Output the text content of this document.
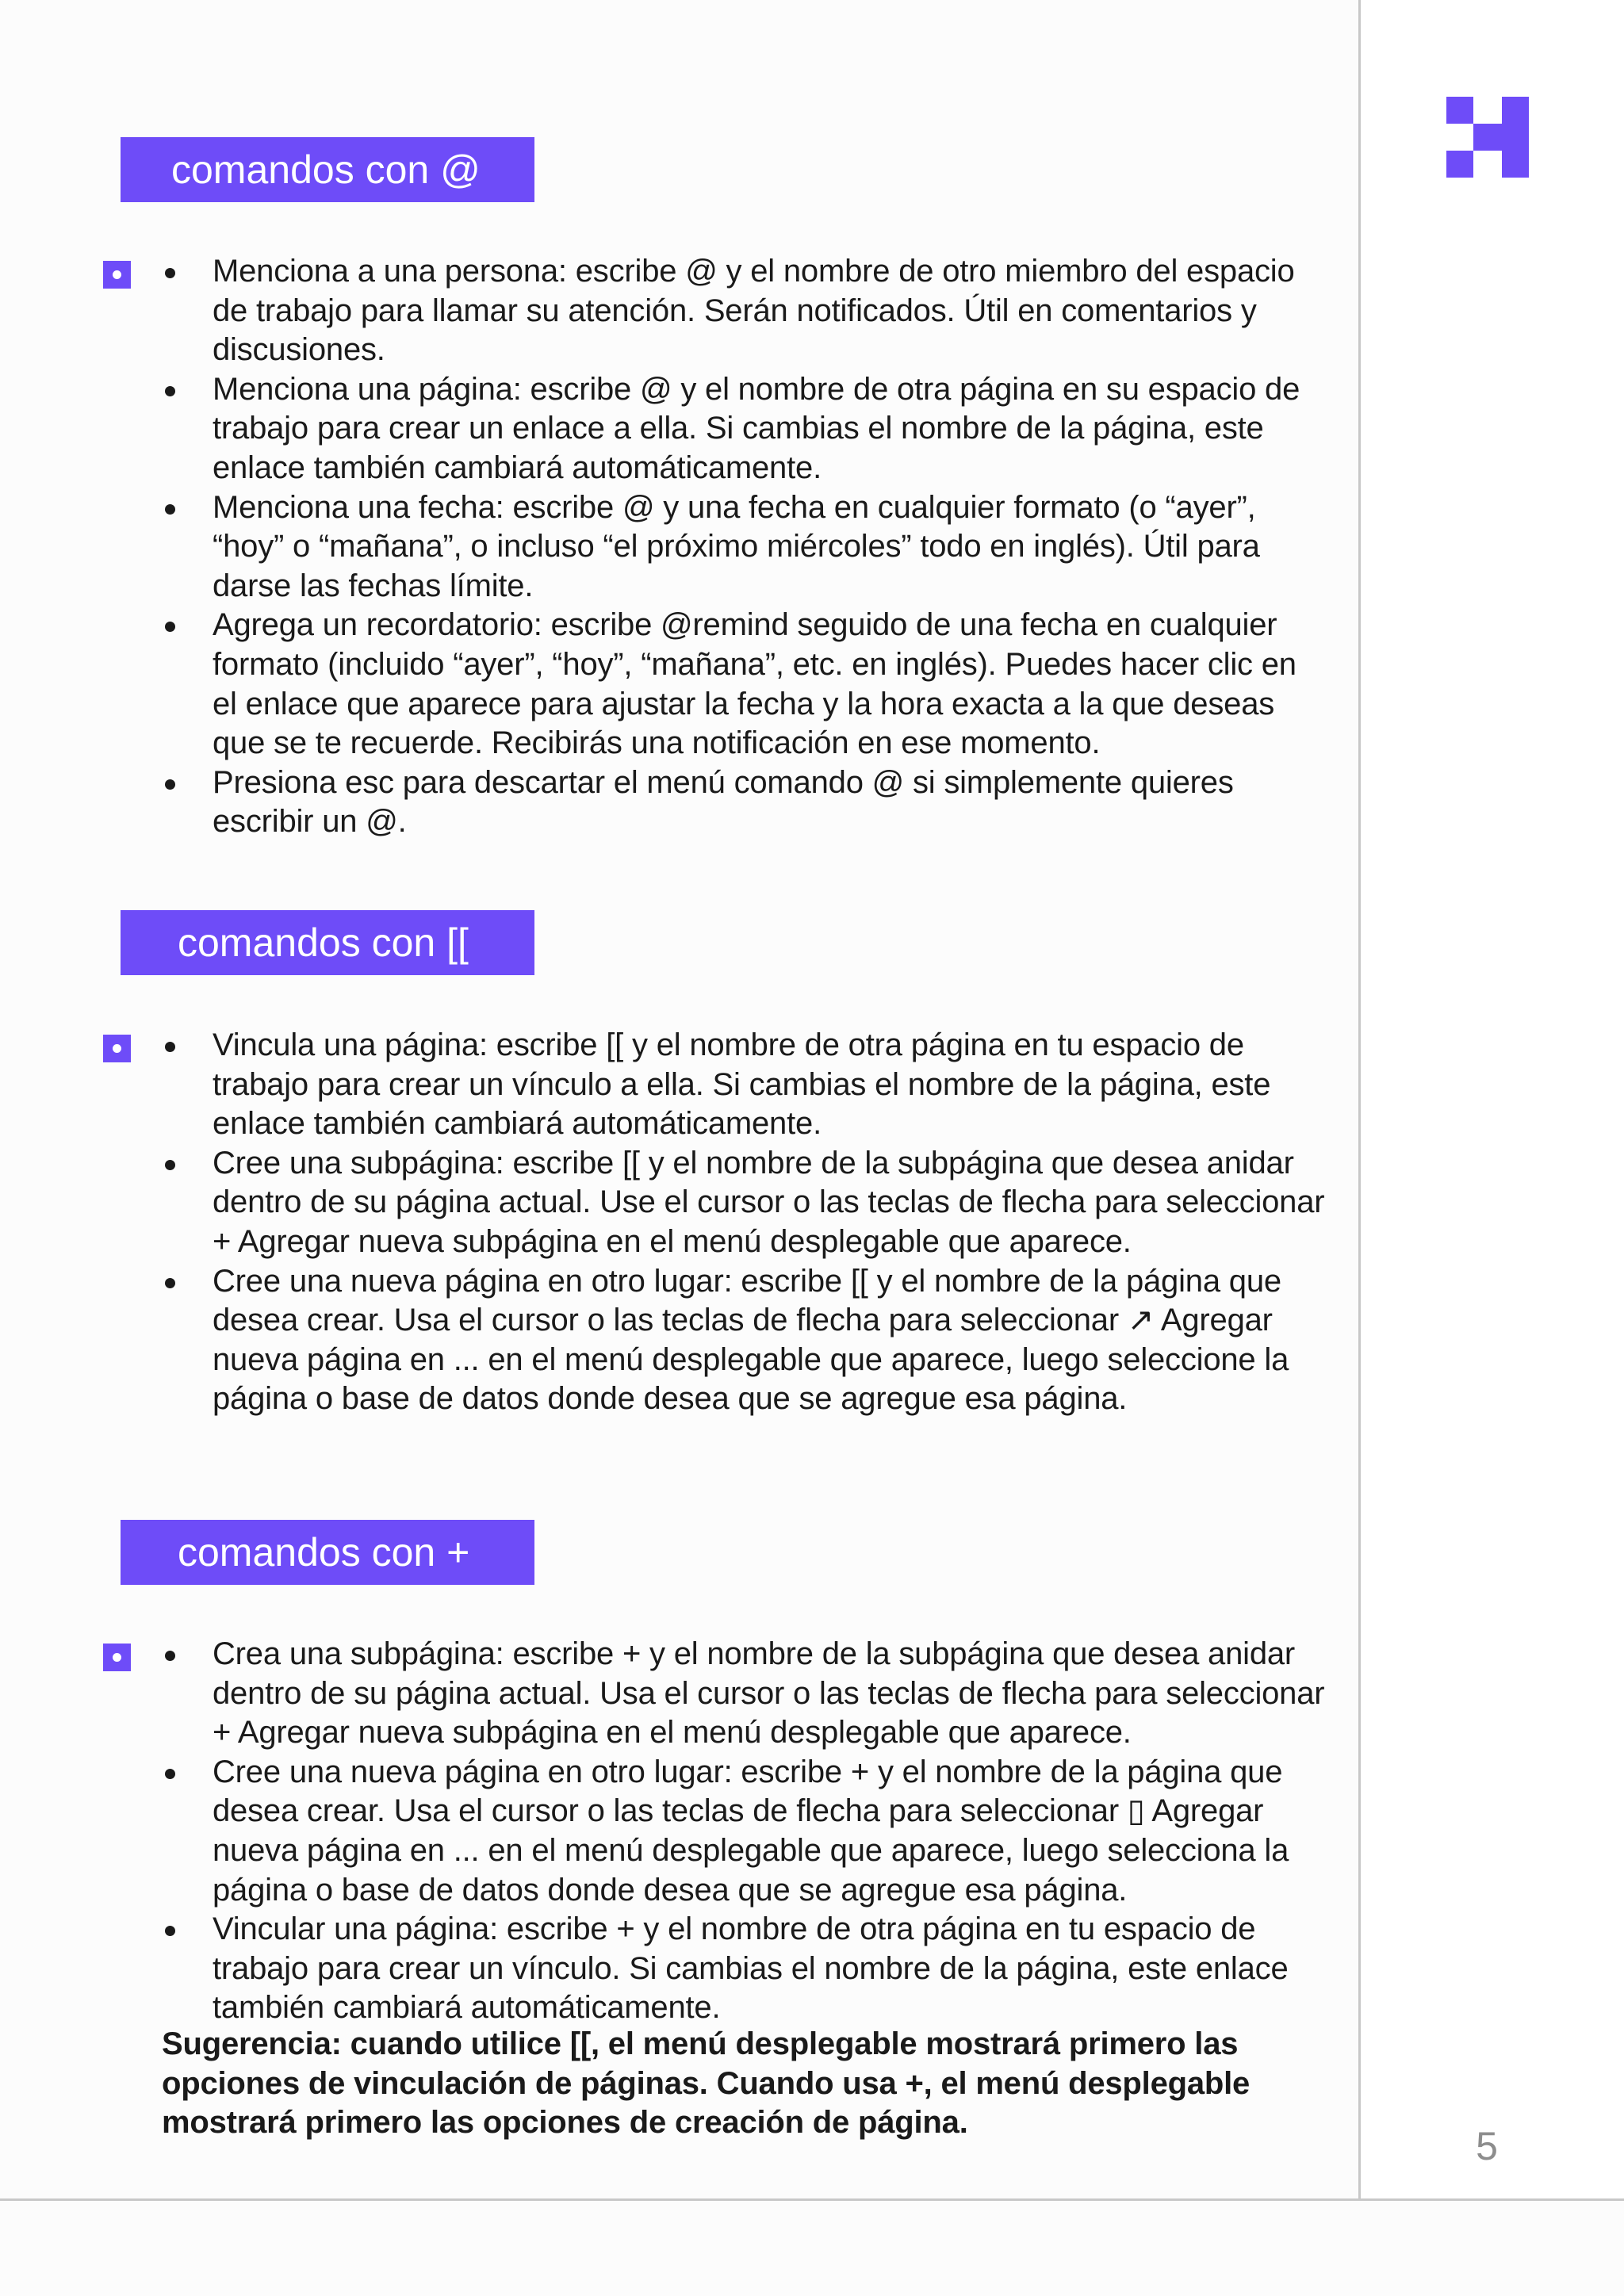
comandos con @
Menciona a una persona: escribe @ y el nombre de otro miembro del espacio de trabajo para llamar su atención. Serán notificados. Útil en comentarios y discusiones.
Menciona una página: escribe @ y el nombre de otra página en su espacio de trabajo para crear un enlace a ella. Si cambias el nombre de la página, este enlace también cambiará automáticamente.
Menciona una fecha: escribe @ y una fecha en cualquier formato (o “ayer”, “hoy” o “mañana”, o incluso “el próximo miércoles” todo en inglés). Útil para darse las fechas límite.
Agrega un recordatorio: escribe @remind seguido de una fecha en cualquier formato (incluido “ayer”, “hoy”, “mañana”, etc. en inglés). Puedes hacer clic en el enlace que aparece para ajustar la fecha y la hora exacta a la que deseas que se te recuerde. Recibirás una notificación en ese momento.
Presiona esc para descartar el menú comando @ si simplemente quieres escribir un @.
comandos con [[
Vincula una página: escribe [[ y el nombre de otra página en tu espacio de trabajo para crear un vínculo a ella. Si cambias el nombre de la página, este enlace también cambiará automáticamente.
Cree una subpágina: escribe [[ y el nombre de la subpágina que desea anidar dentro de su página actual. Use el cursor o las teclas de flecha para seleccionar + Agregar nueva subpágina en el menú desplegable que aparece.
Cree una nueva página en otro lugar: escribe [[ y el nombre de la página que desea crear. Usa el cursor o las teclas de flecha para seleccionar ↗ Agregar nueva página en ... en el menú desplegable que aparece, luego seleccione la página o base de datos donde desea que se agregue esa página.
comandos con +
Crea una subpágina: escribe + y el nombre de la subpágina que desea anidar dentro de su página actual. Usa el cursor o las teclas de flecha para seleccionar + Agregar nueva subpágina en el menú desplegable que aparece.
Cree una nueva página en otro lugar: escribe + y el nombre de la página que desea crear. Usa el cursor o las teclas de flecha para seleccionar ▯ Agregar nueva página en ... en el menú desplegable que aparece, luego selecciona la página o base de datos donde desea que se agregue esa página.
Vincular una página: escribe + y el nombre de otra página en tu espacio de trabajo para crear un vínculo. Si cambias el nombre de la página, este enlace también cambiará automáticamente.
Sugerencia: cuando utilice [[, el menú desplegable mostrará primero las opciones de vinculación de páginas. Cuando usa +, el menú desplegable mostrará primero las opciones de creación de página.
5
